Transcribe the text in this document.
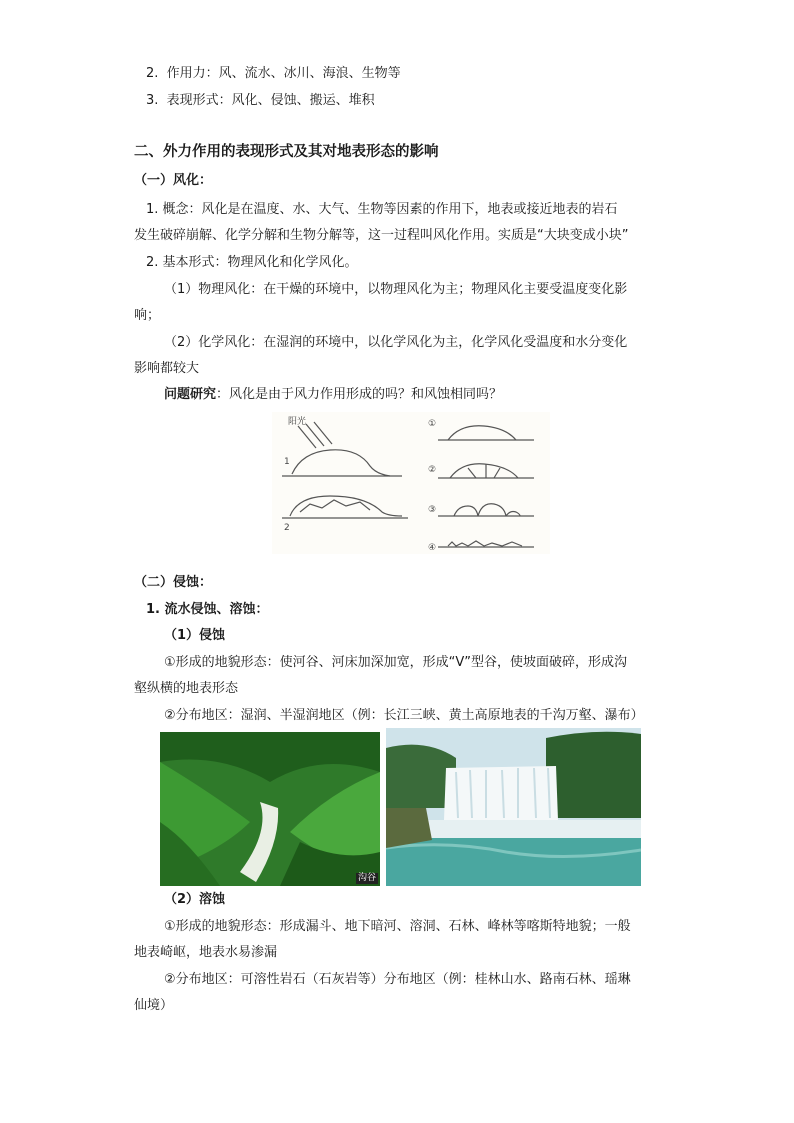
2. 作用力：风、流水、冰川、海浪、生物等
3. 表现形式：风化、侵蚀、搬运、堆积
二、外力作用的表现形式及其对地表形态的影响
（一）风化：
1. 概念：风化是在温度、水、大气、生物等因素的作用下，地表或接近地表的岩石
发生破碎崩解、化学分解和生物分解等，这一过程叫风化作用。实质是“大块变成小块”
2. 基本形式：物理风化和化学风化。
（1）物理风化：在干燥的环境中，以物理风化为主；物理风化主要受温度变化影
响；
（2）化学风化：在湿润的环境中，以化学风化为主，化学风化受温度和水分变化
影响都较大
问题研究：风化是由于风力作用形成的吗？和风蚀相同吗？
阳光
1
2
①
②
③
④
（二）侵蚀：
1. 流水侵蚀、溶蚀：
（1）侵蚀
①形成的地貌形态：使河谷、河床加深加宽，形成“V”型谷，使坡面破碎，形成沟
壑纵横的地表形态
②分布地区：湿润、半湿润地区（例：长江三峡、黄土高原地表的千沟万壑、瀑布）
沟谷
（2）溶蚀
①形成的地貌形态：形成漏斗、地下暗河、溶洞、石林、峰林等喀斯特地貌；一般
地表崎岖，地表水易渗漏
②分布地区：可溶性岩石（石灰岩等）分布地区（例：桂林山水、路南石林、瑶琳
仙境）
